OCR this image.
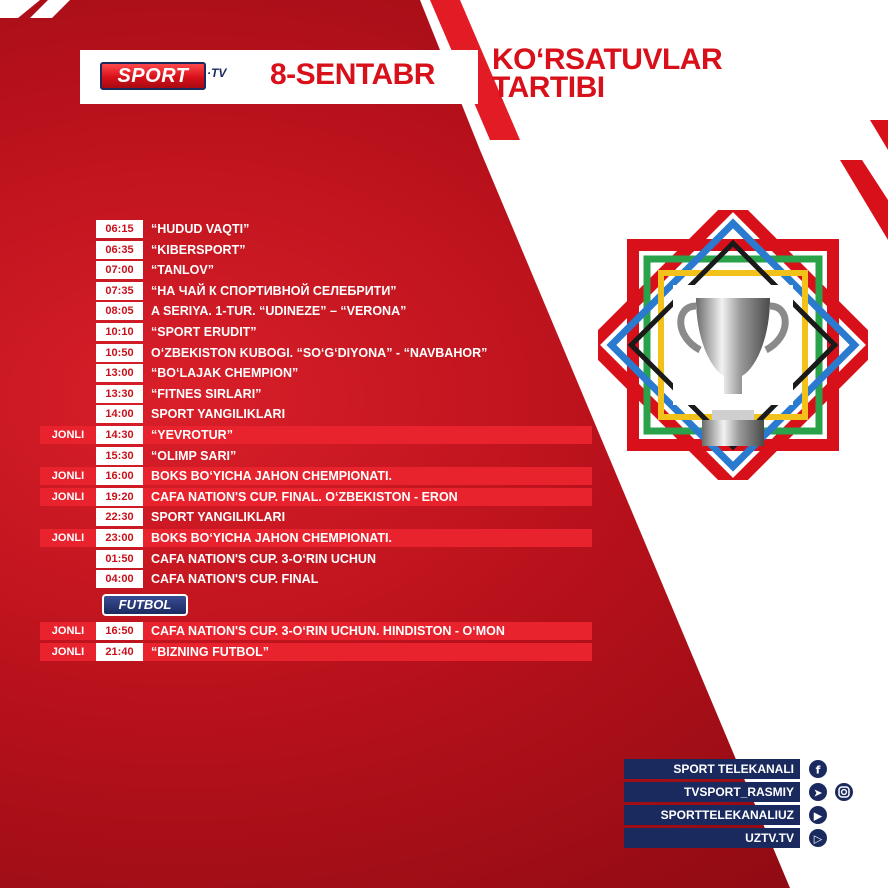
SPORT	·TV 8-SENTABR KO‘RSATUVLAR
TARTIBI
06:15	“HUDUD VAQTI”
06:35	“KIBERSPORT”
07:00	“TANLOV”
07:35	“НА ЧАЙ К СПОРТИВНОЙ СЕЛЕБРИТИ”
08:05	A SERIYA. 1-TUR. “UDINEZE” – “VERONA”
10:10	“SPORT ERUDIT”
10:50	O‘ZBEKISTON KUBOGI. “SO‘G‘DIYONA” - “NAVBAHOR”
13:00	“BO‘LAJAK CHEMPION”
13:30	“FITNES SIRLARI”
14:00	SPORT YANGILIKLARI
JONLI	14:30	“YEVROTUR”
15:30	“OLIMP SARI”
JONLI	16:00	BOKS BO‘YICHA JAHON CHEMPIONATI.
JONLI	19:20	CAFA NATION'S CUP. FINAL. O‘ZBEKISTON - ERON
22:30	SPORT YANGILIKLARI
JONLI	23:00	BOKS BO‘YICHA JAHON CHEMPIONATI.
01:50	CAFA NATION'S CUP. 3-O‘RIN UCHUN
04:00	CAFA NATION'S CUP. FINAL
FUTBOL
JONLI	16:50	CAFA NATION'S CUP. 3-O‘RIN UCHUN. HINDISTON - O‘MON
JONLI	21:40	“BIZNING FUTBOL”
SPORT TELEKANALI
TVSPORT_RASMIY
SPORTTELEKANALIUZ
UZTV.TV
f
➤
▶
▷
